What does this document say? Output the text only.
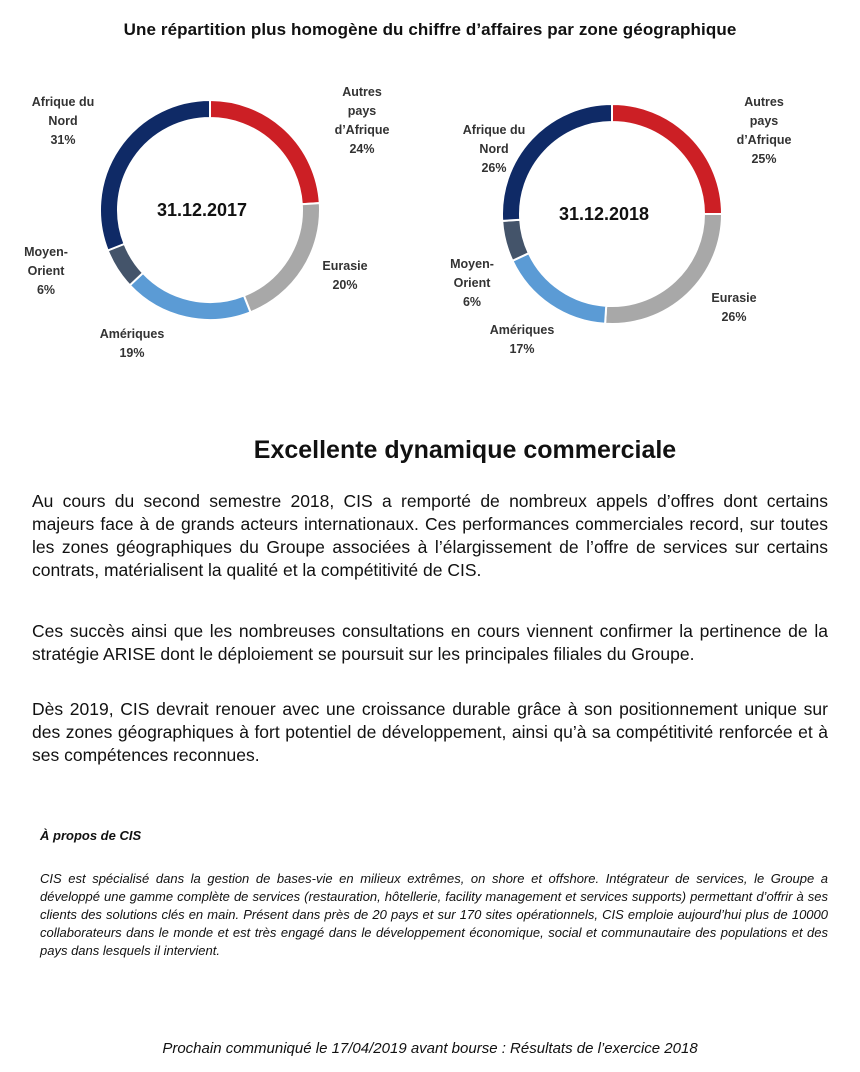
Une répartition plus homogène du chiffre d’affaires par zone géographique
Autres
pays
d’Afrique
24%
Eurasie
20%
Amériques
19%
Moyen-
Orient
6%
Afrique du
Nord
31%
31.12.2017
Autres
pays
d’Afrique
25%
Eurasie
26%
Amériques
17%
Moyen-
Orient
6%
Afrique du
Nord
26%
31.12.2018
Excellente dynamique commerciale

Au cours du second semestre 2018, CIS a remporté de nombreux appels d’offres dont certains majeurs face à de grands acteurs internationaux. Ces performances commerciales record, sur toutes les zones géographiques du Groupe associées à l’élargissement de l’offre de services sur certains contrats, matérialisent la qualité et la compétitivité de CIS.

Ces succès ainsi que les nombreuses consultations en cours viennent confirmer la pertinence de la stratégie ARISE dont le déploiement se poursuit sur les principales filiales du Groupe.

Dès 2019, CIS devrait renouer avec une croissance durable grâce à son positionnement unique sur des zones géographiques à fort potentiel de développement, ainsi qu’à sa compétitivité renforcée et à ses compétences reconnues.

À propos de CIS

CIS est spécialisé dans la gestion de bases-vie en milieux extrêmes, on shore et offshore. Intégrateur de services, le Groupe a développé une gamme complète de services (restauration, hôtellerie, facility management et services supports) permettant d’offrir à ses clients des solutions clés en main. Présent dans près de 20 pays et sur 170 sites opérationnels, CIS emploie aujourd’hui plus de 10000 collaborateurs dans le monde et est très engagé dans le développement économique, social et communautaire des populations et des pays dans lesquels il intervient.

Prochain communiqué le 17/04/2019 avant bourse : Résultats de l’exercice 2018
